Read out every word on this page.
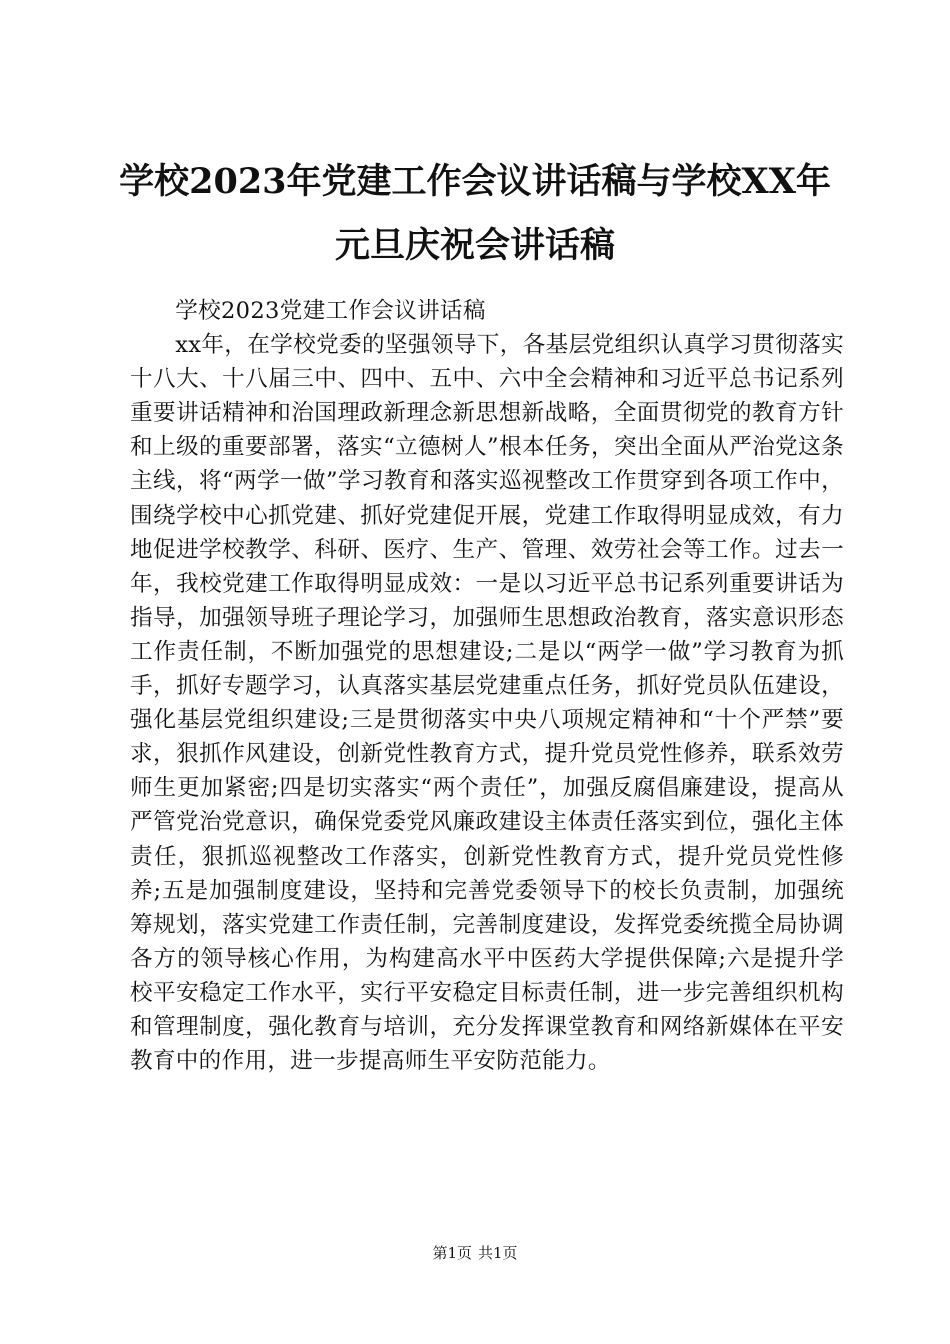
学校2023年党建工作会议讲话稿与学校XX年
元旦庆祝会讲话稿

学校2023党建工作会议讲话稿

xx年，在学校党委的坚强领导下，各基层党组织认真学习贯彻落实十八大、十八届三中、四中、五中、六中全会精神和习近平总书记系列重要讲话精神和治国理政新理念新思想新战略，全面贯彻党的教育方针和上级的重要部署，落实“立德树人”根本任务，突出全面从严治党这条主线，将“两学一做”学习教育和落实巡视整改工作贯穿到各项工作中，围绕学校中心抓党建、抓好党建促开展，党建工作取得明显成效，有力地促进学校教学、科研、医疗、生产、管理、效劳社会等工作。过去一年，我校党建工作取得明显成效：一是以习近平总书记系列重要讲话为指导，加强领导班子理论学习，加强师生思想政治教育，落实意识形态工作责任制，不断加强党的思想建设;二是以“两学一做”学习教育为抓手，抓好专题学习，认真落实基层党建重点任务，抓好党员队伍建设，强化基层党组织建设;三是贯彻落实中央八项规定精神和“十个严禁”要求，狠抓作风建设，创新党性教育方式，提升党员党性修养，联系效劳师生更加紧密;四是切实落实“两个责任”，加强反腐倡廉建设，提高从严管党治党意识，确保党委党风廉政建设主体责任落实到位，强化主体责任，狠抓巡视整改工作落实，创新党性教育方式，提升党员党性修养;五是加强制度建设，坚持和完善党委领导下的校长负责制，加强统筹规划，落实党建工作责任制，完善制度建设，发挥党委统揽全局协调各方的领导核心作用，为构建高水平中医药大学提供保障;六是提升学校平安稳定工作水平，实行平安稳定目标责任制，进一步完善组织机构和管理制度，强化教育与培训，充分发挥课堂教育和网络新媒体在平安教育中的作用，进一步提高师生平安防范能力。

第1页 共1页
